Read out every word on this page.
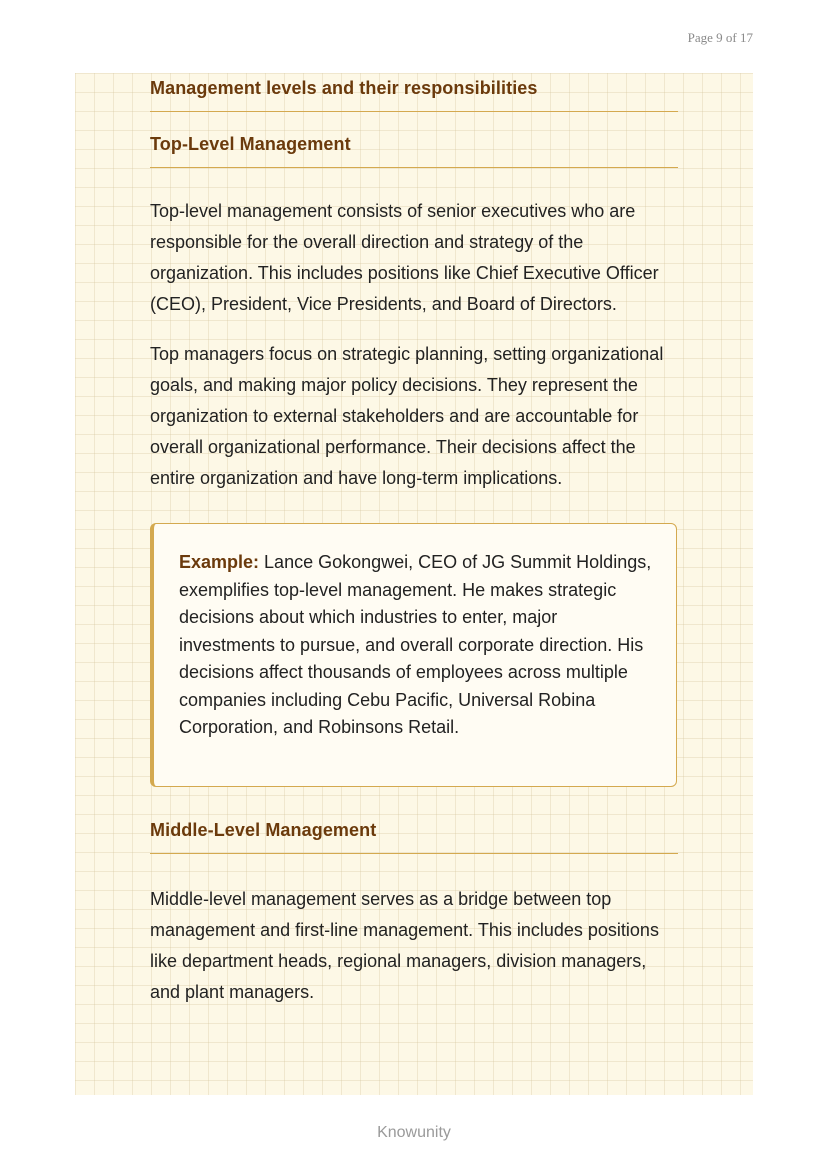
Page 9 of 17
Management levels and their responsibilities
Top-Level Management

Top-level management consists of senior executives who are responsible for the overall direction and strategy of the organization. This includes positions like Chief Executive Officer (CEO), President, Vice Presidents, and Board of Directors.

Top managers focus on strategic planning, setting organizational goals, and making major policy decisions. They represent the organization to external stakeholders and are accountable for overall organizational performance. Their decisions affect the entire organization and have long-term implications.

Example: Lance Gokongwei, CEO of JG Summit Holdings, exemplifies top-level management. He makes strategic decisions about which industries to enter, major investments to pursue, and overall corporate direction. His decisions affect thousands of employees across multiple companies including Cebu Pacific, Universal Robina Corporation, and Robinsons Retail.

Middle-Level Management

Middle-level management serves as a bridge between top management and first-line management. This includes positions like department heads, regional managers, division managers, and plant managers.

Knowunity
